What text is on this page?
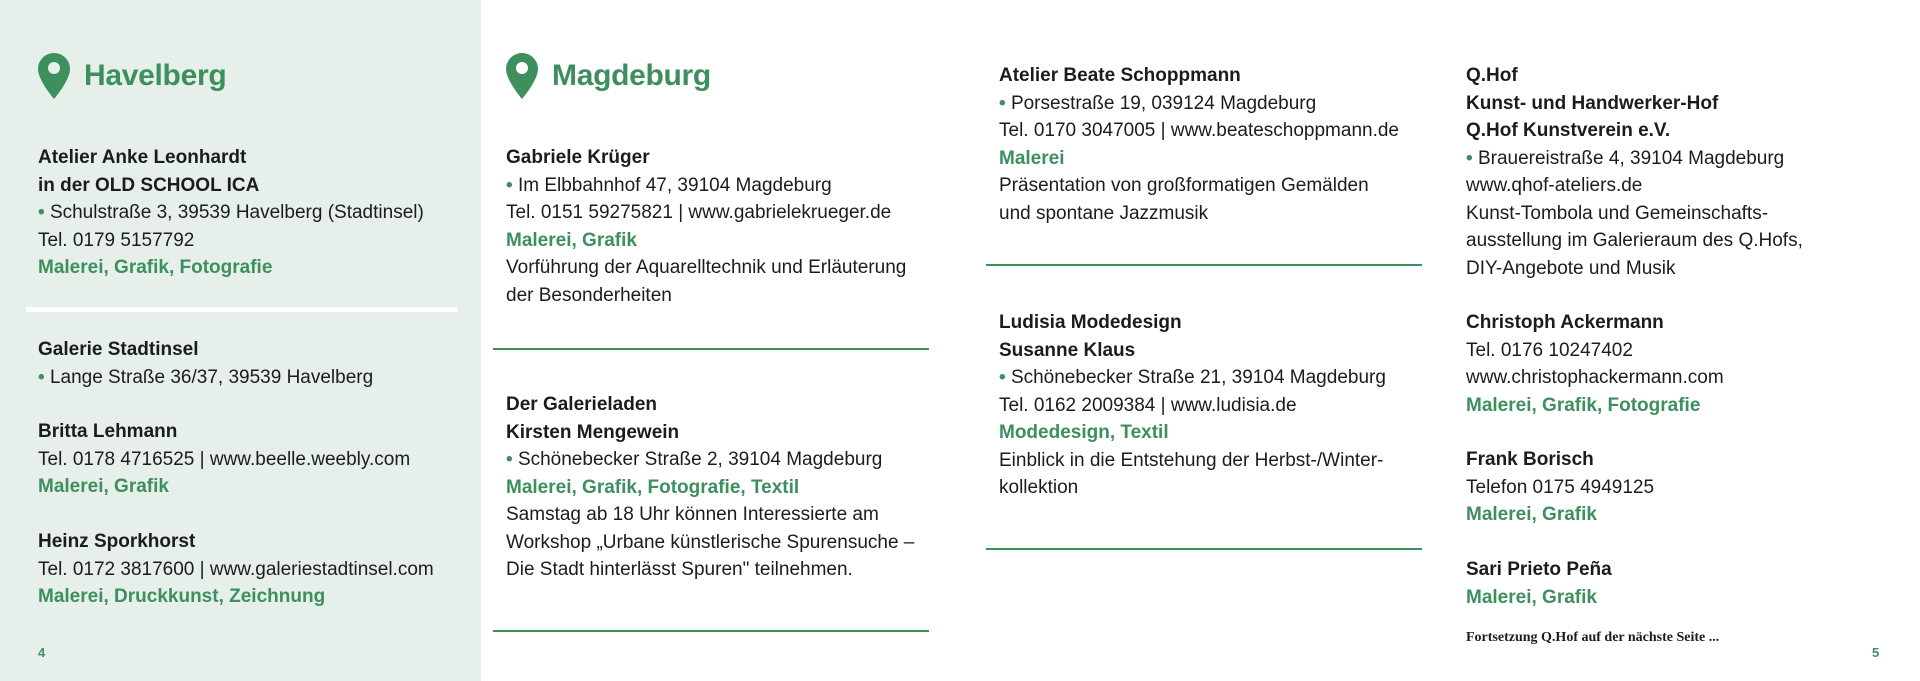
Havelberg
Atelier Anke Leonhardt
in der OLD SCHOOL ICA
• Schulstraße 3, 39539 Havelberg (Stadtinsel)
Tel. 0179 5157792
Malerei, Grafik, Fotografie
Galerie Stadtinsel
• Lange Straße 36/37, 39539 Havelberg
Britta Lehmann
Tel. 0178 4716525 | www.beelle.weebly.com
Malerei, Grafik
Heinz Sporkhorst
Tel. 0172 3817600 | www.galeriestadtinsel.com
Malerei, Druckkunst, Zeichnung
4
Magdeburg
Gabriele Krüger
• Im Elbbahnhof 47, 39104 Magdeburg
Tel. 0151 59275821 | www.gabrielekrueger.de
Malerei, Grafik
Vorführung der Aquarelltechnik und Erläuterung
der Besonderheiten
Der Galerieladen
Kirsten Mengewein
• Schönebecker Straße 2, 39104 Magdeburg
Malerei, Grafik, Fotografie, Textil
Samstag ab 18 Uhr können Interessierte am
Workshop „Urbane künstlerische Spurensuche –
Die Stadt hinterlässt Spuren" teilnehmen.
Atelier Beate Schoppmann
• Porsestraße 19, 039124 Magdeburg
Tel. 0170 3047005 | www.beateschoppmann.de
Malerei
Präsentation von großformatigen Gemälden
und spontane Jazzmusik
Ludisia Modedesign
Susanne Klaus
• Schönebecker Straße 21, 39104 Magdeburg
Tel. 0162 2009384 | www.ludisia.de
Modedesign, Textil
Einblick in die Entstehung der Herbst-/Winter-
kollektion
Q.Hof
Kunst- und Handwerker-Hof
Q.Hof Kunstverein e.V.
• Brauereistraße 4, 39104 Magdeburg
www.qhof-ateliers.de
Kunst-Tombola und Gemeinschafts-
ausstellung im Galerieraum des Q.Hofs,
DIY-Angebote und Musik
Christoph Ackermann
Tel. 0176 10247402
www.christophackermann.com
Malerei, Grafik, Fotografie
Frank Borisch
Telefon 0175 4949125
Malerei, Grafik
Sari Prieto Peña
Malerei, Grafik
Fortsetzung Q.Hof auf der nächste Seite ...
5
